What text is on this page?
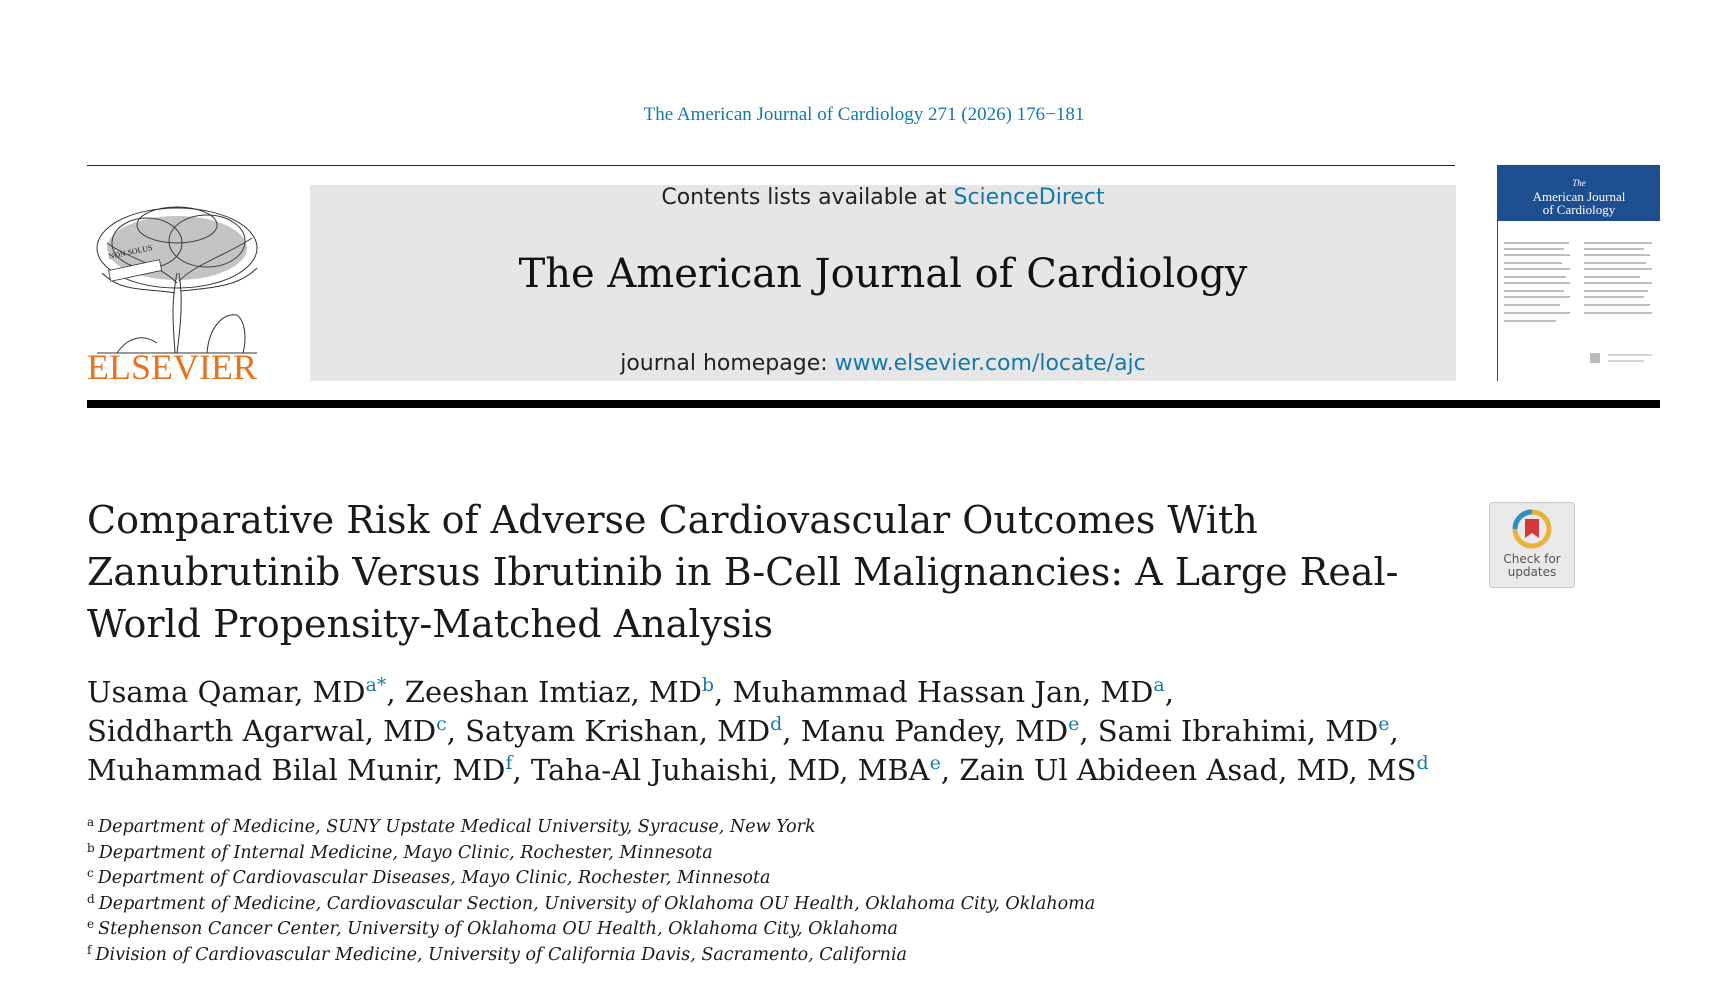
The American Journal of Cardiology 271 (2026) 176−181
NON SOLUS
ELSEVIER
Contents lists available at ScienceDirect
The American Journal of Cardiology
journal homepage: www.elsevier.com/locate/ajc
The
American Journal
of Cardiology
Comparative Risk of Adverse Cardiovascular Outcomes With Zanubrutinib Versus Ibrutinib in B-Cell Malignancies: A Large Real-World Propensity-Matched Analysis
Check for
updates
Usama Qamar, $MD^{a*}$, Zeeshan Imtiaz, $MD^b$, Muhammad Hassan Jan, $MD^a$,
Siddharth Agarwal, $MD^c$, Satyam Krishan, $MD^d$, Manu Pandey, MDe, Sami Ibrahimi, MDe,
Muhammad Bilal Munir, $MD^f$, Taha-Al Juhaishi, MD, MBA$^e$, Zain Ul Abideen Asad, MD, $MS^d$
$^a$ Department of Medicine, SUNY Upstate Medical University, Syracuse, New York
$^b$ Department of Internal Medicine, Mayo Clinic, Rochester, Minnesota
$^c$ Department of Cardiovascular Diseases, Mayo Clinic, Rochester, Minnesota
$^d$ Department of Medicine, Cardiovascular Section, University of Oklahoma OU Health, Oklahoma City, Oklahoma
$^e$ Stephenson Cancer Center, University of Oklahoma OU Health, Oklahoma City, Oklahoma
$^f$ Division of Cardiovascular Medicine, University of California Davis, Sacramento, California
